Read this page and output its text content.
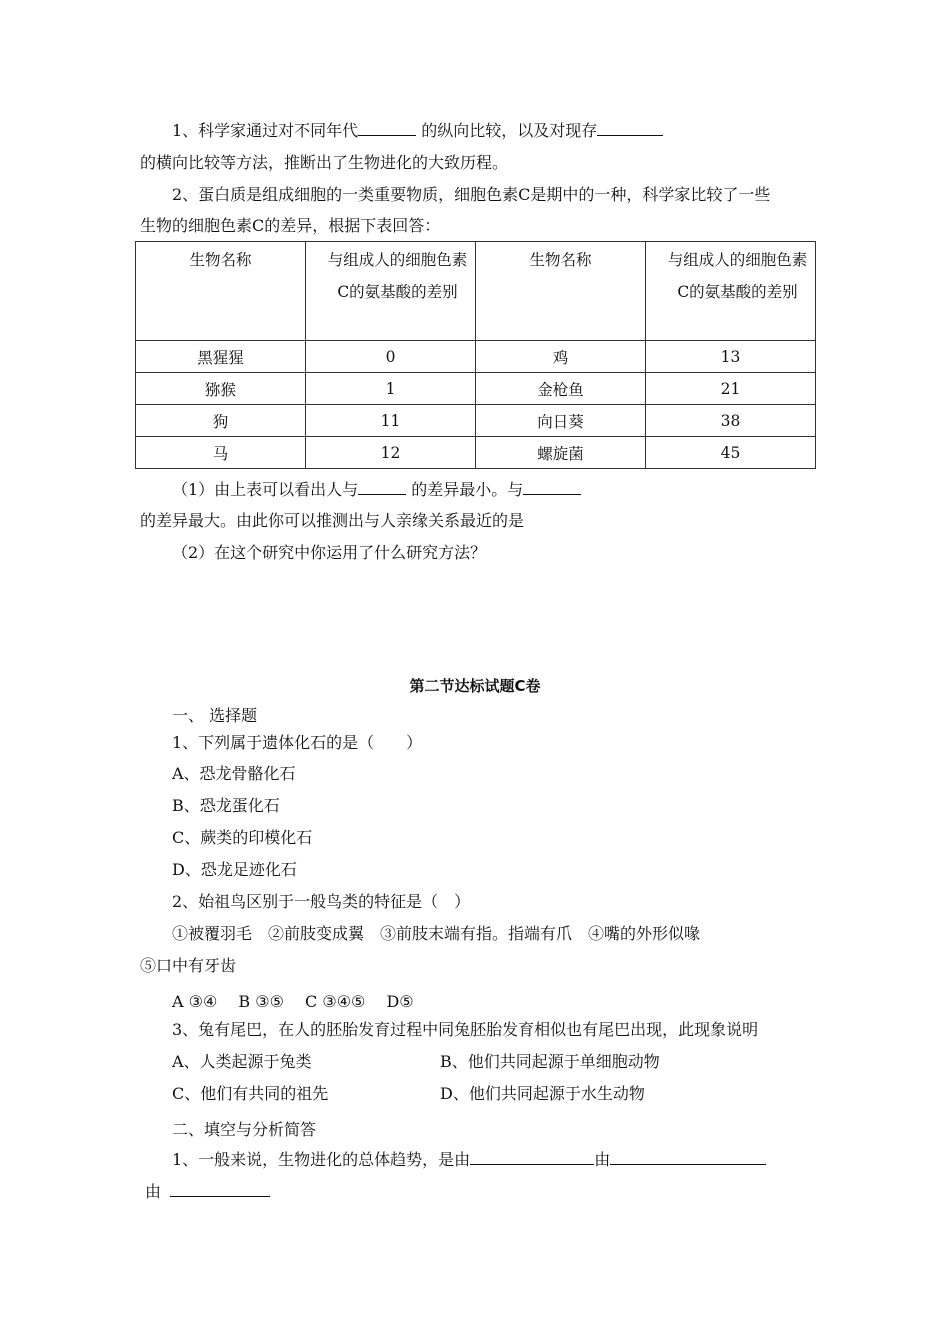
1、科学家通过对不同年代	的纵向比较，以及对现存
的横向比较等方法，推断出了生物进化的大致历程。
2、蛋白质是组成细胞的一类重要物质，细胞色素C是期中的一种，科学家比较了一些
生物的细胞色素C的差异，根据下表回答：
生物名称	与组成人的细胞色素C的氨基酸的差别	生物名称	与组成人的细胞色素C的氨基酸的差别
黑猩猩	0	鸡	13
猕猴	1	金枪鱼	21
狗	11	向日葵	38
马	12	螺旋菌	45
（1）由上表可以看出人与	的差异最小。与
的差异最大。由此你可以推测出与人亲缘关系最近的是
（2）在这个研究中你运用了什么研究方法？
第二节达标试题C卷
一、 选择题
1、下列属于遗体化石的是（　　）
A、恐龙骨骼化石
B、恐龙蛋化石
C、蕨类的印模化石
D、恐龙足迹化石
2、始祖鸟区别于一般鸟类的特征是（　）
①被覆羽毛　②前肢变成翼　③前肢末端有指。指端有爪　④嘴的外形似喙
⑤口中有牙齿
A ③④　 B ③⑤　 C ③④⑤　 D⑤
3、兔有尾巴，在人的胚胎发育过程中同兔胚胎发育相似也有尾巴出现，此现象说明
A、人类起源于兔类	B、他们共同起源于单细胞动物
C、他们有共同的祖先	D、他们共同起源于水生动物
二、填空与分析简答
1、一般来说，生物进化的总体趋势，是由	由
由
